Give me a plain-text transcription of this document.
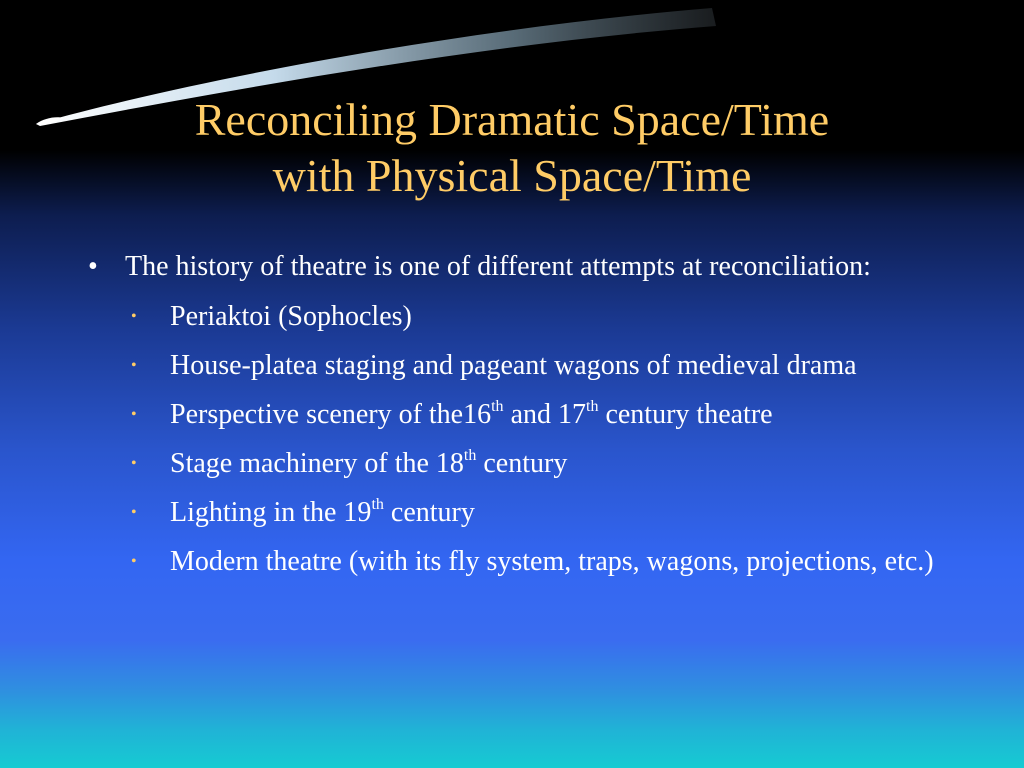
Reconciling Dramatic Space/Time
with Physical Space/Time
• The history of theatre is one of different attempts at reconciliation:
• Periaktoi (Sophocles)
• House-platea staging and pageant wagons of medieval drama
• Perspective scenery of the16th and 17th century theatre
• Stage machinery of the 18th century
• Lighting in the 19th century
• Modern theatre (with its fly system, traps, wagons, projections, etc.)
